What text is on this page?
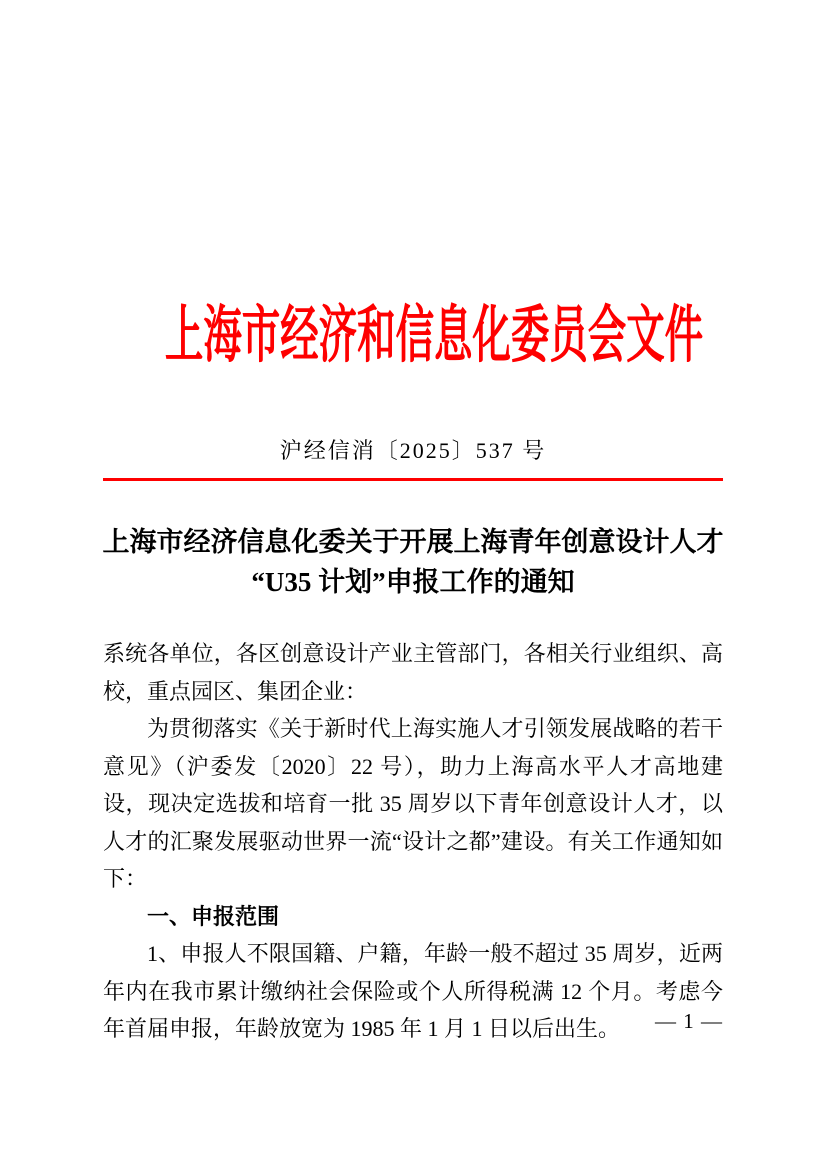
上海市经济和信息化委员会文件
沪经信消〔2025〕537 号
上海市经济信息化委关于开展上海青年创意设计人才
“U35 计划”申报工作的通知

系统各单位，各区创意设计产业主管部门，各相关行业组织、高校，重点园区、集团企业：

为贯彻落实《关于新时代上海实施人才引领发展战略的若干意见》（沪委发〔2020〕22 号），助力上海高水平人才高地建设，现决定选拔和培育一批 35 周岁以下青年创意设计人才，以人才的汇聚发展驱动世界一流“设计之都”建设。有关工作通知如下：

一、申报范围

1、申报人不限国籍、户籍，年龄一般不超过 35 周岁，近两年内在我市累计缴纳社会保险或个人所得税满 12 个月。考虑今年首届申报，年龄放宽为 1985 年 1 月 1 日以后出生。	— 1 —
